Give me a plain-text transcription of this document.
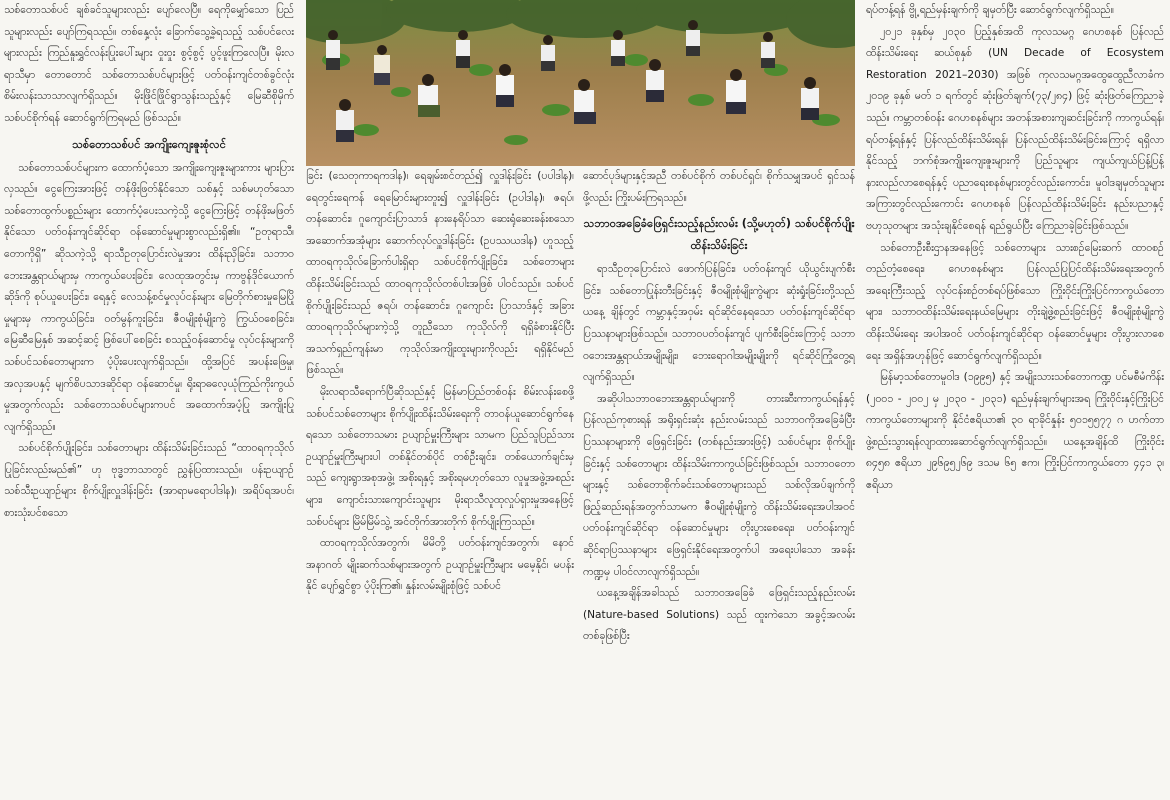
သစ်တောသစ်ပင် ချစ်ခင်သူများလည်း ပျော်လေပြီ။ ရေကိုမျှော်သော ပြည်သူများလည်း ပျော်ကြရသည်။ တစ်နှေ့လုံး ခြောက်သွေ့ခဲ့ရသည့် သစ်ပင်လေးများလည်း ကြည်နူးရွှင်လန်းပြုးပေါ်းများ ဝှုးဝှုး စွင့်စွင့် ပွင့်ဖူးကြလေပြီ။ မိုးလရာသီမှာ တောတောင် သစ်တောသစ်ပင်များဖြင့် ပတ်ဝန်းကျင်တစ်ခွင်လုံး စိမ်းလန်းသာသာလျက်ရှိသည်။ မိုးဖြိုင်ဖြိုင်ရွာသွန်းသည့်နှင့် မြေဆီစိုမှိက် သစ်ပင်စိုက်ရန် ဆောင်ရွက်ကြရမည် ဖြစ်သည်။

သစ်တောသစ်ပင် အကျိုးကျေးဇူးစုံလင်

သစ်တောသစ်ပင်များက ထောက်ပံ့သော အကျိုးကျေးဇူးများကား များပြားလှသည်။ ငွေကြေးအားဖြင့် တန်ဖိုးဖြတ်နိုင်သော သစ်နှင့် သစ်မဟုတ်သောသစ်တောထွက်ပစ္စည်းများ ထောက်ပံ့ပေးသကဲ့သို့ ငွေကြေးဖြင့် တန်ဖိုးမဖြတ်နိုင်သော ပတ်ဝန်းကျင်ဆိုင်ရာ ဝန်ဆောင်မှုများစွာလည်းရှိ၏။ “ဥတုရာသီ၊ တောကိုရှိ” ဆိုသကဲ့သို့ ရာသီဥတုပြောင်းလဲမှုအား ထိန်းညှိခြင်း၊ သဘာဝဘေးအန္တရာယ်များမှ ကာကွယ်ပေးခြင်း၊ လေထုအတွင်းမှ ကာဗွန်ဒိုင်ယောက်ဆိုဒ်ကို စုပ်ယူပေးခြင်း၊ ရေနှင့် လေသန့်စင်မှုလုပ်ငန်းများ မြေတိုက်စားမှုမြေပြိုမှုများမှ ကာကွယ်ခြင်း၊ ဝတ်မွန်ကူးခြင်း၊ ဇီဝမျိုးစုံမျိုးကွဲ ကြွယ်ဝစေခြင်း၊ မြေဆီမြေနှစ် အဆင့်ဆင့် ဖြစ်ပေါ်စေခြင်း စသည့်ဝန်ဆောင်မှု လုပ်ငန်းများကို သစ်ပင်သစ်တောများက ပံ့ပိုးပေးလျက်ရှိသည်။ ထို့အပြင် အပန်းဖြေမှု၊ အလှအပနှင့် မျက်စိပသာဒဆိုင်ရာ ဝန်ဆောင်မှု၊ ရိုးရာဓလေ့ယုံကြည်ကိုးကွယ်မှုအတွက်လည်း သစ်တောသစ်ပင်များကပင် အထောက်အပံ့ပြု အကျိုးပြုလျက်ရှိသည်။

သစ်ပင်စိုက်ပျိုးခြင်း၊ သစ်တောများ ထိန်းသိမ်းခြင်းသည် “ထာဝရကုသိုလ် ပြုခြင်းလည်းမည်၏” ဟု ဗုဒ္ဓဘာသာတွင် ညွှန်ပြထားသည်။ ပန်းဥယျာဉ် သစ်သီးဥယျာဉ်များ စိုက်ပျိုးလှူဒါန်းခြင်း (အာရာမရောပါဒါန)၊ အရိပ်ရအပင်၊ စားသုံးပင်စသော

ခြင်း (သေတုကာရကဒါန)၊ ရေချမ်းစင်တည်၍ လှူဒါန်းခြင်း (ပပါဒါန)၊ ရေတွင်းရေကန် ရေမြောင်းများတူး၍ လှူဒါန်းခြင်း (ဥပါဒါန)၊ ဇရပ်၊ တန်ဆောင်း၊ ဂူကျောင်းပြာသာဒ် နားနေရိပ်သာ ဆေးရုံဆေးခန်းစသော အဆောက်အအုံများ ဆောက်လုပ်လှူဒါန်းခြင်း (ဥပဿယဒါန) ဟူသည့် ထာဝရကုသိုလ်ခြောက်ပါးရှိရာ သစ်ပင်စိုက်ပျိုးခြင်း၊ သစ်တောများ ထိန်းသိမ်းခြင်းသည် ထာဝရကုသိုလ်တစ်ပါးအဖြစ် ပါဝင်သည်။ သစ်ပင်စိုက်ပျိုးခြင်းသည် ဇရပ်၊ တန်ဆောင်း၊ ဂူကျောင်း ပြာသာဒ်နှင့် အခြားထာဝရကုသိုလ်များကဲ့သို့ တူညီသော ကုသိုလ်ကို ရရှိခံစားနိုင်ပြီး အသက်ရှည်ကျန်းမာ ကုသိုလ်အကျိုးထူးများကိုလည်း ရရှိနိုင်မည်ဖြစ်သည်။

မိုးလရာသီရောက်ပြီဆိုသည်နှင့် မြန်မာပြည်တစ်ဝန်း စိမ်းလန်းစေဖို့ သစ်ပင်သစ်တောများ စိုက်ပျိုးထိန်းသိမ်းရေးကို တာဝန်ယူဆောင်ရွက်နေရသော သစ်တောသမား ဥယျာဉ်မှူးကြီးများ သာမက ပြည်သူပြည်သား ဥယျာဉ်မှူးကြီးများပါ တစ်နိုင်တစ်ပိုင် တစ်ဦးချင်း၊ တစ်ယောက်ချင်းမှသည် ကျေးရွာအစုအဖွဲ့၊ အစိုးရနှင့် အစိုးရမဟုတ်သော လူမှုအဖွဲ့အစည်းများ၊ ကျောင်းသားကျောင်းသူများ မိုးရာသီလူထုလှုပ်ရှားမှုအနေဖြင့် သစ်ပင်များ မြိမ်မြိမ်သွဲ့ အင်တိုက်အားတိုက် စိုက်ပျိုးကြသည်။

ထာဝရကုသိုလ်အတွက်၊ မိမိတို့ ပတ်ဝန်းကျင်အတွက်၊ နောင်အနာဂတ် မျိုးဆက်သစ်များအတွက် ဥယျာဉ်မှူးကြီးများ မမေ့နိုင်၊ မပန်းနိုင် ပျော်ရွှင်စွာ ပံ့ပိုးကြ၏၊ နှုန်းလမ်းမျိုးစုံဖြင့် သစ်ပင်

ဆောင်ပုဒ်များနှင့်အညီ တစ်ပင်စိုက် တစ်ပင်ရှင်၊ စိုက်သမျှအပင် ရှင်သန်ဖို့လည်း ကြိုးပမ်းကြရသည်။

သဘာဝအခြေခံဖြေရှင်းသည့်နည်းလမ်း (သို့မဟုတ်) သစ်ပင်စိုက်ပျိုးထိန်းသိမ်းခြင်း

ရာသီဥတုပြောင်းလဲ ဖောက်ပြန်ခြင်း၊ ပတ်ဝန်းကျင် ယိုယွင်းပျက်စီးခြင်း၊ သစ်တောပြုန်းတီးခြင်းနှင့် ဇီဝမျိုးစုံမျိုးကွဲများ ဆုံးရှုံးခြင်းတို့သည် ယနေ့ ချိန်တွင် ကမ္ဘာနှင့်အဝှမ်း ရင်ဆိုင်နေရသော ပတ်ဝန်းကျင်ဆိုင်ရာ ပြဿနာများဖြစ်သည်။ သဘာဝပတ်ဝန်းကျင် ပျက်စီးခြင်းကြောင့် သဘာဝဘေးအန္တရာယ်အမျိုးမျိုး၊ ဘေးရောဂါအမျိုးမျိုးကို ရင်ဆိုင်ကြုံတွေ့ရလျက်ရှိသည်။

အဆိုပါသဘာဝဘေးအန္တရာယ်များကို တားဆီးကာကွယ်ရန်နှင့် ပြန်လည်ကုစားရန် အရိုးရှင်းဆုံး နည်းလမ်းသည် သဘာဝကိုအခြေခံပြီး ပြဿနာများကို ဖြေရှင်းခြင်း (တစ်နည်းအားဖြင့်) သစ်ပင်များ စိုက်ပျိုးခြင်းနှင့် သစ်တောများ ထိန်းသိမ်းကာကွယ်ခြင်းဖြစ်သည်။ သဘာဝတောများနှင့် သစ်တောစိုက်ခင်းသစ်တောများသည် သစ်လိုအပ်ချက်ကို ဖြည့်ဆည်းရန်အတွက်သာမက ဇီဝမျိုးစုံမျိုးကွဲ ထိန်းသိမ်းရေးအပါအဝင် ပတ်ဝန်းကျင်ဆိုင်ရာ ဝန်ဆောင်မှုများ တိုးပွားစေရေး၊ ပတ်ဝန်းကျင်ဆိုင်ရာပြဿနာများ ဖြေရှင်းနိုင်ရေးအတွက်ပါ အရေးပါသော အခန်းကဏ္ဍမှ ပါဝင်လာလျက်ရှိသည်။

ယနေ့အချိန်အခါသည် သဘာဝအခြေခံ ဖြေရှင်းသည့်နည်းလမ်း (Nature-based Solutions) သည် ထူးကဲသော အခွင့်အလမ်းတစ်ခုဖြစ်ပြီး

ရပ်တန့်ရန် ဗ္ဗို့ ရည်မှန်းချက်ကို ချမှတ်ပြီး ဆောင်ရွက်လျက်ရှိသည်။

၂၀၂၁ ခုနှစ်မှ ၂၀၃၀ ပြည့်နှစ်အထိ ကုလသမဂ္ဂ ဂေဟစနစ် ပြန်လည်ထိန်းသိမ်းရေး ဆယ်စုနှစ် (UN Decade of Ecosystem Restoration 2021–2030) အဖြစ် ကုလသမဂ္ဂအထွေထွေညီလာခံက ၂၀၁၉ ခုနှစ် မတ် ၁ ရက်တွင် ဆုံးဖြတ်ချက်(၇၃/၂၈၄) ဖြင့် ဆုံးဖြတ်ကြေညာခဲ့သည်။ ကမ္ဘာတစ်ဝန်း ဂေဟစနစ်များ အတန်အစားကျဆင်းခြင်းကို ကာကွယ်ရန်၊ ရပ်တန့်ရန်နှင့် ပြန်လည်ထိန်းသိမ်းရန်၊ ပြန်လည်ထိန်းသိမ်းခြင်းကြောင့် ရရှိလာနိုင်သည့် ဘက်စုံအကျိုးကျေးဇူးများကို ပြည်သူများ ကျယ်ကျယ်ပြန့်ပြန့် နားလည်လာစေရန်နှင့် ပညာရေးစနစ်များတွင်လည်းကောင်း၊ မူဝါဒချမှတ်သူများအကြားတွင်လည်းကောင်း ဂေဟစနစ် ပြန်လည်ထိန်းသိမ်းခြင်း နည်းပညာနှင့် ဗဟုသုတများ အသုံးချနိုင်စေရန် ရည်ရွယ်ပြီး ကြေညာခဲ့ခြင်းဖြစ်သည်။

သစ်တောဦးစီးဌာနအနေဖြင့် သစ်တောများ သားစဉ်မြေးဆက် ထာဝစဉ်တည်တံ့စေရေး၊ ဂေဟစနစ်များ ပြန်လည်ပြုပြင်ထိန်းသိမ်းရေးအတွက် အရေးကြီးသည့် လုပ်ငန်းစဉ်တစ်ရပ်ဖြစ်သော ကြိုးဝိုင်းကြိုးပြင်ကာကွယ်တောများ၊ သဘာဝထိန်းသိမ်းရေးနယ်မြေများ တိုးချဲ့ဖွဲ့စည်းခြင်းဖြင့် ဇီဝမျိုးစုံမျိုးကွဲထိန်းသိမ်းရေး အပါအဝင် ပတ်ဝန်းကျင်ဆိုင်ရာ ဝန်ဆောင်မှုများ တိုးပွားလာစေရေး အရှိန်အဟုန်ဖြင့် ဆောင်ရွက်လျက်ရှိသည်။

မြန်မာ့သစ်တောမူဝါဒ (၁၉၉၅) နှင့် အမျိုးသားသစ်တောကဏ္ဍ ပင်မစီမံကိန်း (၂၀၀၁ - ၂၀၀၂ မှ ၂၀၃၀ - ၂၀၃၁) ရည်မှန်းချက်များအရ ကြိုးဝိုင်းနှင့်ကြိုးပြင်ကာကွယ်တောများကို နိုင်ငံဧရိယာ၏ ၃၀ ရာခိုင်နှုန်း ၅၀၁၅၅၇၇ ဂ ဟက်တာ ဖွဲ့စည်းသွားရန်လျာထားဆောင်ရွက်လျက်ရှိသည်။ ယနေ့အချိန်ထိ ကြိုးဝိုင်း ၈၄၅၈ ဧရိယာ ၂၉၆၉၅၂၆၉ ဒသမ ၆၅ ဧက၊ ကြိုးပြင်ကာကွယ်တော ၄၄၁ ၃၊ ဧရိယာ
